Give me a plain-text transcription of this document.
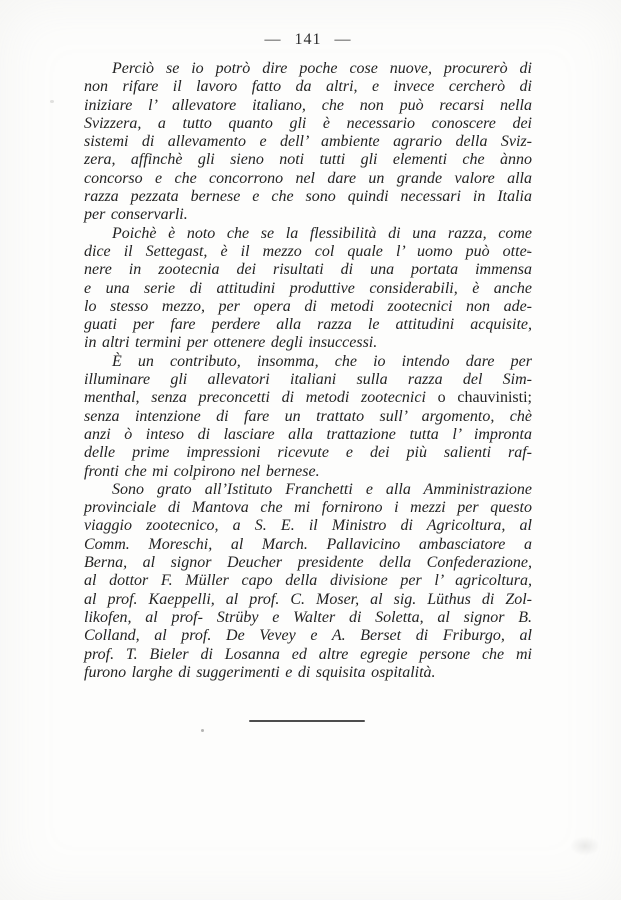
— 141 —
Perciò se io potrò dire poche cose nuove, procurerò di
non rifare il lavoro fatto da altri, e invece cercherò di
iniziare l’ allevatore italiano, che non può recarsi nella
Svizzera, a tutto quanto gli è necessario conoscere dei
sistemi di allevamento e dell’ ambiente agrario della Sviz-
zera, affinchè gli sieno noti tutti gli elementi che ànno
concorso e che concorrono nel dare un grande valore alla
razza pezzata bernese e che sono quindi necessari in Italia
per conservarli.
Poichè è noto che se la flessibilità di una razza, come
dice il Settegast, è il mezzo col quale l’ uomo può otte-
nere in zootecnia dei risultati di una portata immensa
e una serie di attitudini produttive considerabili, è anche
lo stesso mezzo, per opera di metodi zootecnici non ade-
guati per fare perdere alla razza le attitudini acquisite,
in altri termini per ottenere degli insuccessi.
È un contributo, insomma, che io intendo dare per
illuminare gli allevatori italiani sulla razza del Sim-
menthal, senza preconcetti di metodi zootecnici o chauvinisti;
senza intenzione di fare un trattato sull’ argomento, chè
anzi ò inteso di lasciare alla trattazione tutta l’ impronta
delle prime impressioni ricevute e dei più salienti raf-
fronti che mi colpirono nel bernese.
Sono grato all’Istituto Franchetti e alla Amministrazione
provinciale di Mantova che mi fornirono i mezzi per questo
viaggio zootecnico, a S. E. il Ministro di Agricoltura, al
Comm. Moreschi, al March. Pallavicino ambasciatore a
Berna, al signor Deucher presidente della Confederazione,
al dottor F. Müller capo della divisione per l’ agricoltura,
al prof. Kaeppelli, al prof. C. Moser, al sig. Lüthus di Zol-
likofen, al prof- Strüby e Walter di Soletta, al signor B.
Colland, al prof. De Vevey e A. Berset di Friburgo, al
prof. T. Bieler di Losanna ed altre egregie persone che mi
furono larghe di suggerimenti e di squisita ospitalità.
